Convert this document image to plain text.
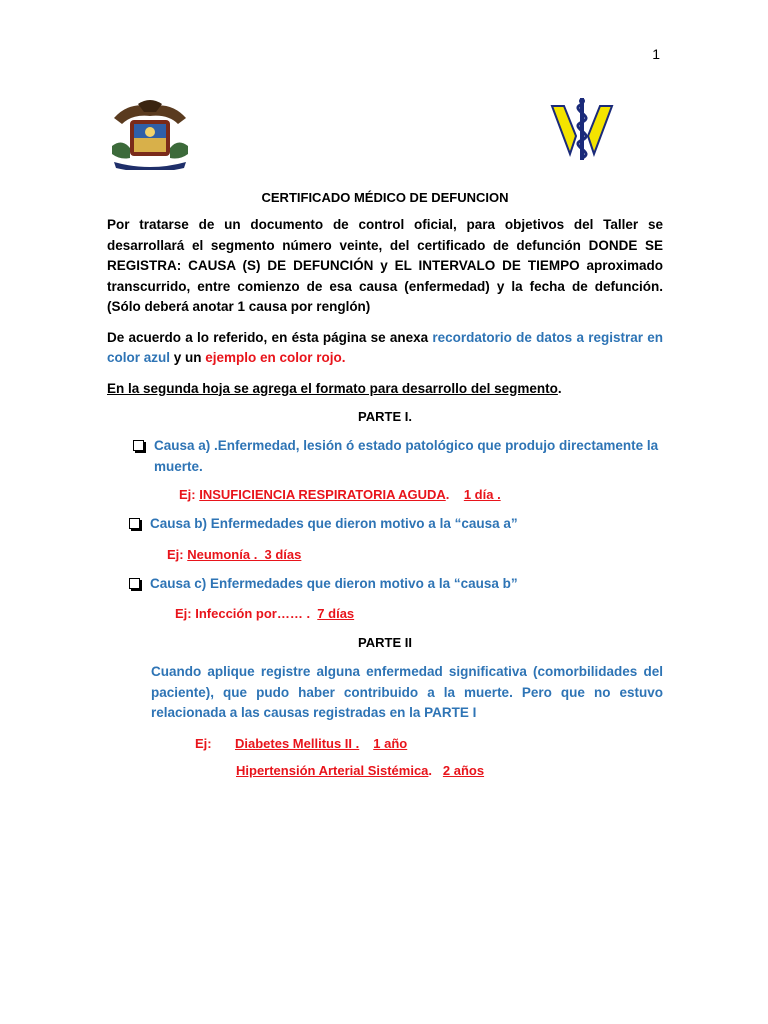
1
CERTIFICADO MÉDICO DE DEFUNCION

Por tratarse de un documento de control oficial, para objetivos del Taller se desarrollará el segmento número veinte, del certificado de defunción DONDE SE REGISTRA: CAUSA (S) DE DEFUNCIÓN y EL INTERVALO DE TIEMPO aproximado transcurrido, entre comienzo de esa causa (enfermedad) y la fecha de defunción. (Sólo deberá anotar 1 causa por renglón)

De acuerdo a lo referido, en ésta página se anexa recordatorio de datos a registrar en color azul y un ejemplo en color rojo.

En la segunda hoja se agrega el formato para desarrollo del segmento.

PARTE I.
Causa a) .Enfermedad, lesión ó estado patológico que produjo directamente la muerte.
Ej: INSUFICIENCIA RESPIRATORIA AGUDA.    1 día .
Causa b) Enfermedades que dieron motivo a la “causa a”
Ej: Neumonía .  3 días
Causa c) Enfermedades que dieron motivo a la “causa b”
Ej: Infección por…… .  7 días
PARTE II

Cuando aplique registre alguna enfermedad significativa (comorbilidades del paciente), que pudo haber contribuido a la muerte. Pero que no estuvo relacionada a las causas registradas en la PARTE I

Ej:	Diabetes Mellitus II . 1 año
Hipertensión Arterial Sistémica. 2 años
